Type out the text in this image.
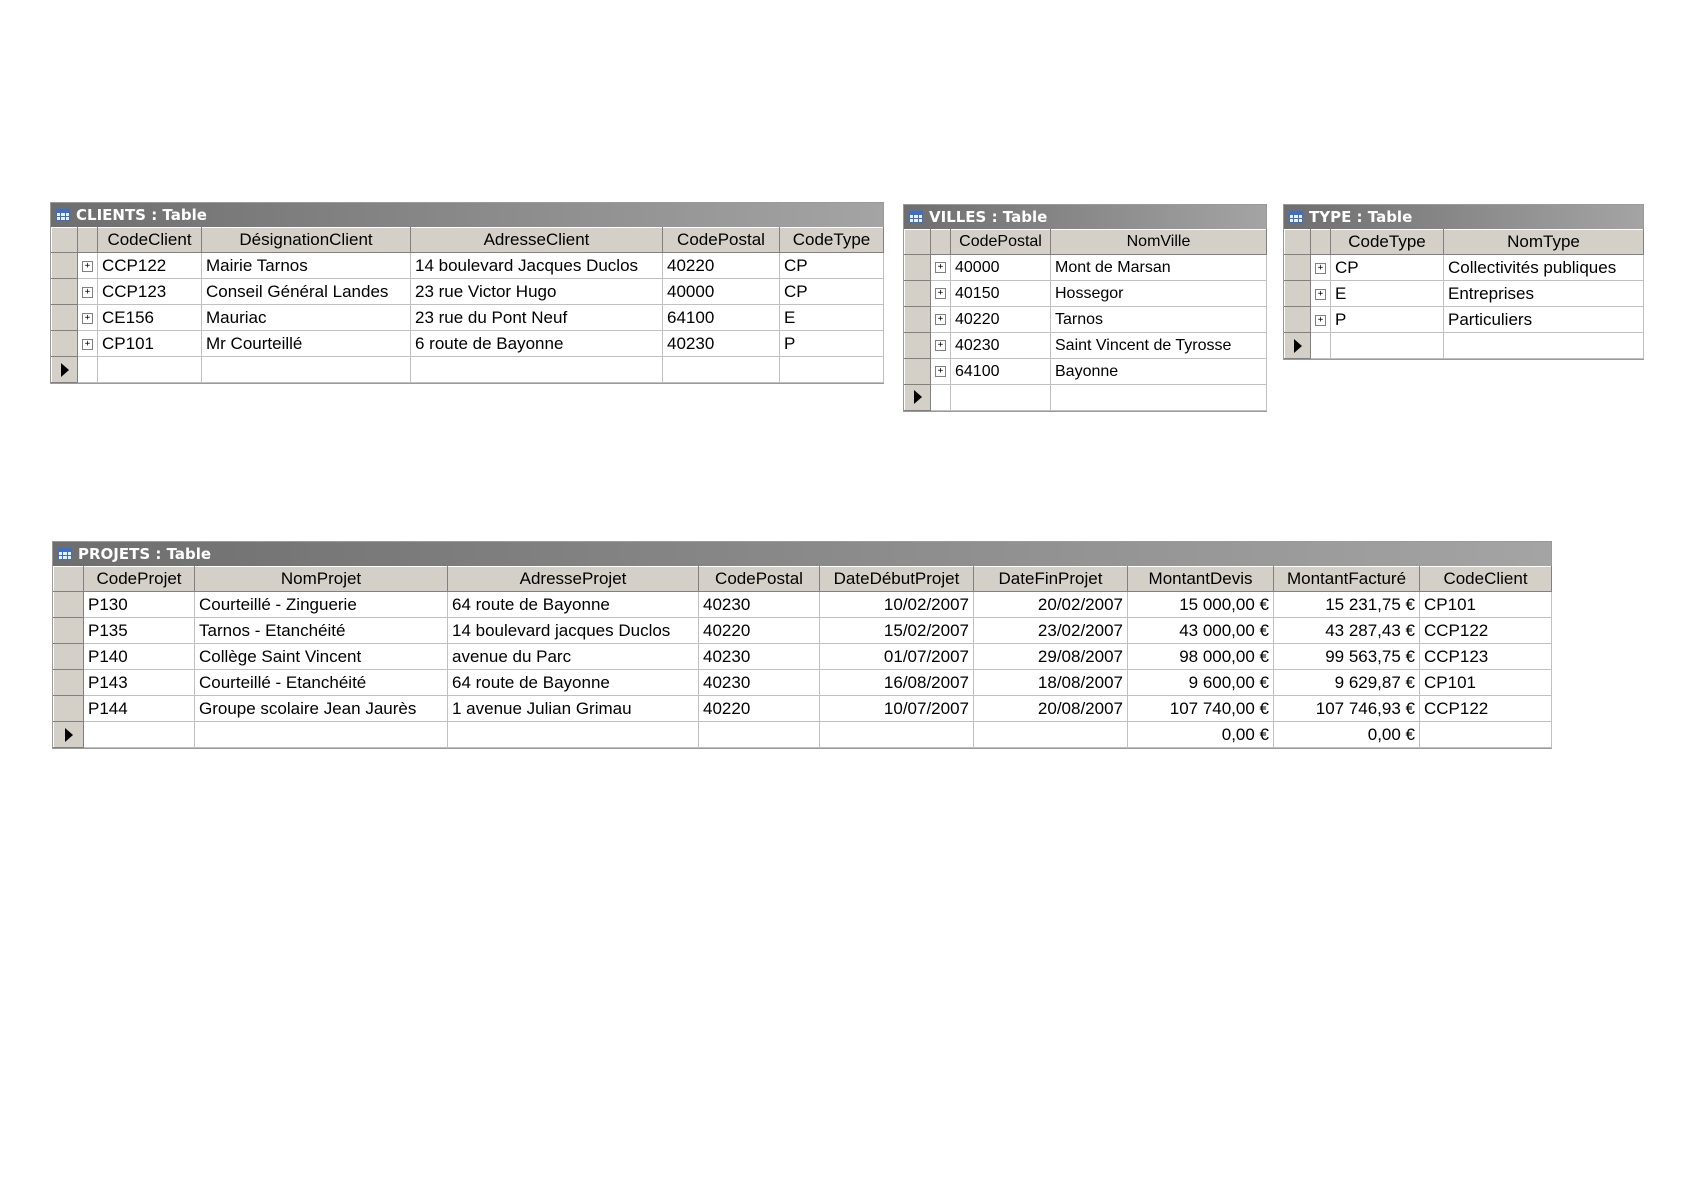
CLIENTS : Table
		CodeClient	DésignationClient	AdresseClient	CodePostal	CodeType
	+	CCP122	Mairie Tarnos	14 boulevard Jacques Duclos	40220	CP
	+	CCP123	Conseil Général Landes	23 rue Victor Hugo	40000	CP
	+	CE156	Mauriac	23 rue du Pont Neuf	64100	E
	+	CP101	Mr Courteillé	6 route de Bayonne	40230	P

VILLES : Table
		CodePostal	NomVille
	+	40000	Mont de Marsan
	+	40150	Hossegor
	+	40220	Tarnos
	+	40230	Saint Vincent de Tyrosse
	+	64100	Bayonne

TYPE : Table
		CodeType	NomType
	+	CP	Collectivités publiques
	+	E	Entreprises
	+	P	Particuliers

PROJETS : Table
	CodeProjet	NomProjet	AdresseProjet	CodePostal	DateDébutProjet	DateFinProjet	MontantDevis	MontantFacturé	CodeClient
	P130	Courteillé - Zinguerie	64 route de Bayonne	40230	10/02/2007	20/02/2007	15 000,00 €	15 231,75 €	CP101
	P135	Tarnos - Etanchéité	14 boulevard jacques Duclos	40220	15/02/2007	23/02/2007	43 000,00 €	43 287,43 €	CCP122
	P140	Collège Saint Vincent	avenue du Parc	40230	01/07/2007	29/08/2007	98 000,00 €	99 563,75 €	CCP123
	P143	Courteillé - Etanchéité	64 route de Bayonne	40230	16/08/2007	18/08/2007	9 600,00 €	9 629,87 €	CP101
	P144	Groupe scolaire Jean Jaurès	1 avenue Julian Grimau	40220	10/07/2007	20/08/2007	107 740,00 €	107 746,93 €	CCP122
							0,00 €	0,00 €	
